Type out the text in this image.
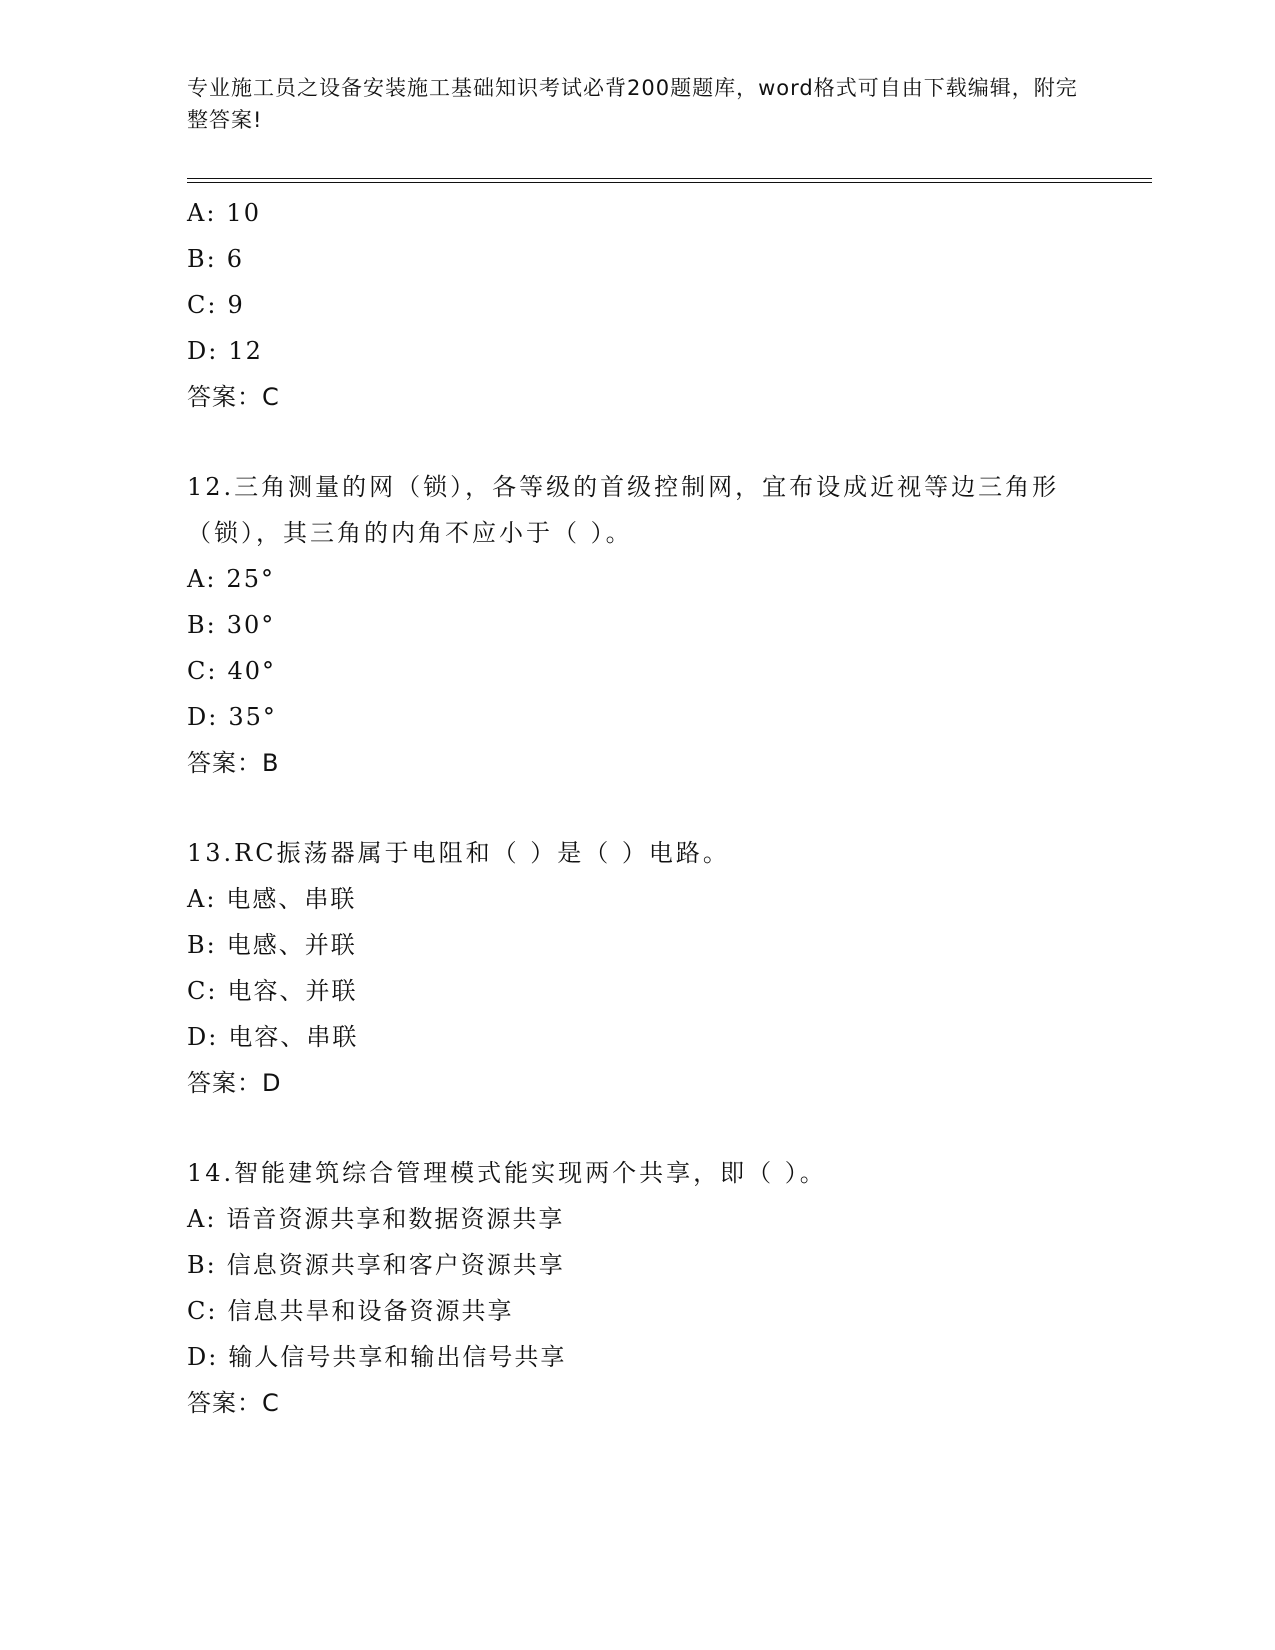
专业施工员之设备安装施工基础知识考试必背200题题库，word格式可自由下载编辑，附完整答案!
A: 10
B: 6
C: 9
D: 12
答案：C
12.三角测量的网（锁），各等级的首级控制网，宜布设成近视等边三角形（锁），其三角的内角不应小于（ ）。
A: 25°
B: 30°
C: 40°
D: 35°
答案：B
13.RC振荡器属于电阻和（ ）是（ ）电路。
A: 电感、串联
B: 电感、并联
C: 电容、并联
D: 电容、串联
答案：D
14.智能建筑综合管理模式能实现两个共享，即（ ）。
A: 语音资源共享和数据资源共享
B: 信息资源共享和客户资源共享
C: 信息共旱和设备资源共享
D: 输人信号共享和输出信号共享
答案：C
